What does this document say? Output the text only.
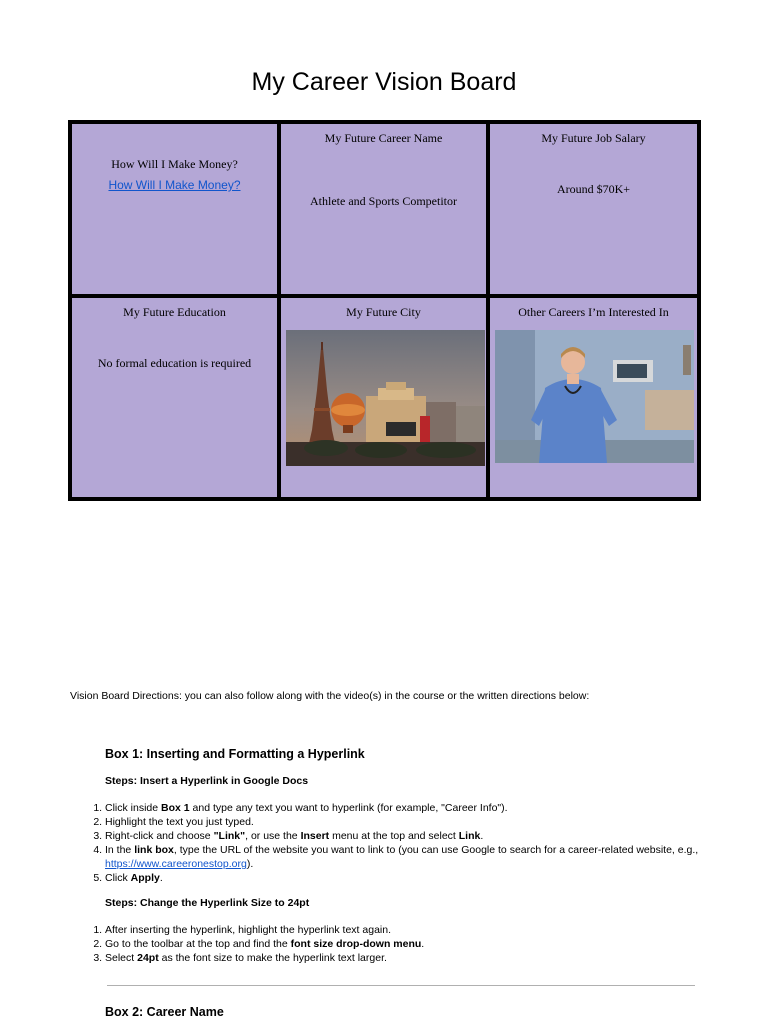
My Career Vision Board
How Will I Make Money?
How Will I Make Money?
My Future Career Name
Athlete and Sports Competitor
My Future Job Salary
Around $70K+
My Future Education
No formal education is required
My Future City	Other Careers I’m Interested In
Vision Board Directions: you can also follow along with the video(s) in the course or the written directions below:
Box 1: Inserting and Formatting a Hyperlink
Steps: Insert a Hyperlink in Google Docs
1. Click inside Box 1 and type any text you want to hyperlink (for example, "Career Info").
2. Highlight the text you just typed.
3. Right-click and choose "Link", or use the Insert menu at the top and select Link.
4. In the link box, type the URL of the website you want to link to (you can use Google to search for a career-related website, e.g., https://www.careeronestop.org).
5. Click Apply.
Steps: Change the Hyperlink Size to 24pt
1. After inserting the hyperlink, highlight the hyperlink text again.
2. Go to the toolbar at the top and find the font size drop-down menu.
3. Select 24pt as the font size to make the hyperlink text larger.
Box 2: Career Name
